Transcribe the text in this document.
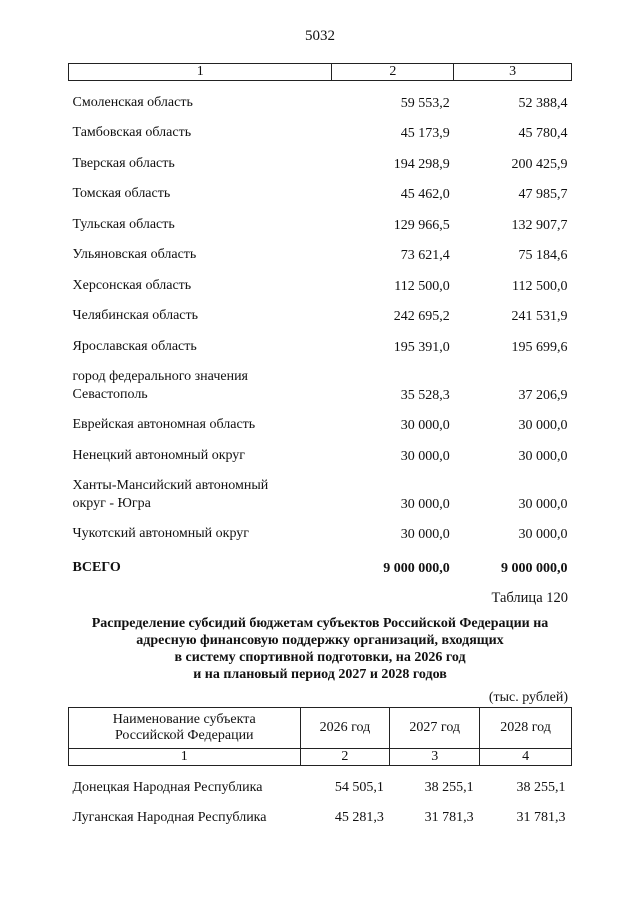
5032
1	2	3
Смоленская область	59 553,2	52 388,4
Тамбовская область	45 173,9	45 780,4
Тверская область	194 298,9	200 425,9
Томская область	45 462,0	47 985,7
Тульская область	129 966,5	132 907,7
Ульяновская область	73 621,4	75 184,6
Херсонская область	112 500,0	112 500,0
Челябинская область	242 695,2	241 531,9
Ярославская область	195 391,0	195 699,6
город федерального значения
Севастополь	35 528,3	37 206,9
Еврейская автономная область	30 000,0	30 000,0
Ненецкий автономный округ	30 000,0	30 000,0
Ханты-Мансийский автономный
округ - Югра	30 000,0	30 000,0
Чукотский автономный округ	30 000,0	30 000,0
ВСЕГО	9 000 000,0	9 000 000,0
Таблица 120
Распределение субсидий бюджетам субъектов Российской Федерации на
адресную финансовую поддержку организаций, входящих
в систему спортивной подготовки, на 2026 год
и на плановый период 2027 и 2028 годов
(тыс. рублей)
Наименование субъекта
Российской Федерации	2026 год	2027 год	2028 год
1	2	3	4
Донецкая Народная Республика	54 505,1	38 255,1	38 255,1
Луганская Народная Республика	45 281,3	31 781,3	31 781,3
